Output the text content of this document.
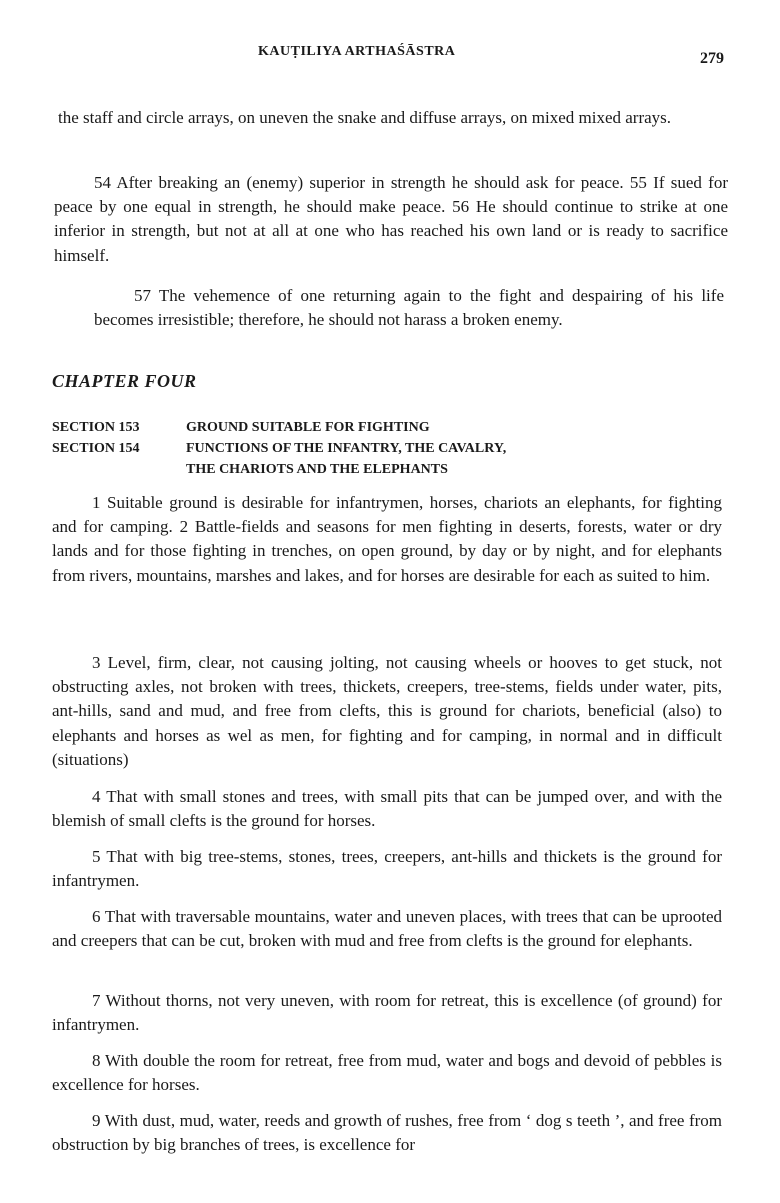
KAUṬILIYA ARTHAŚĀSTRA	279

the staff and circle arrays, on uneven the snake and diffuse arrays, on mixed mixed arrays.

54 After breaking an (enemy) superior in strength he should ask for peace. 55 If sued for peace by one equal in strength, he should make peace. 56 He should continue to strike at one inferior in strength, but not at all at one who has reached his own land or is ready to sacrifice himself.

57 The vehemence of one returning again to the fight and despairing of his life becomes irresistible; therefore, he should not harass a broken enemy.

CHAPTER FOUR
SECTION 153	GROUND SUITABLE FOR FIGHTING
SECTION 154	FUNCTIONS OF THE INFANTRY, THE CAVALRY,
THE CHARIOTS AND THE ELEPHANTS

1 Suitable ground is desirable for infantrymen, horses, chariots an elephants, for fighting and for camping. 2 Battle-fields and seasons for men fighting in deserts, forests, water or dry lands and for those fighting in trenches, on open ground, by day or by night, and for elephants from rivers, mountains, marshes and lakes, and for horses are desirable for each as suited to him.

3 Level, firm, clear, not causing jolting, not causing wheels or hooves to get stuck, not obstructing axles, not broken with trees, thickets, creepers, tree-stems, fields under water, pits, ant-hills, sand and mud, and free from clefts, this is ground for chariots, beneficial (also) to elephants and horses as wel as men, for fighting and for camping, in normal and in difficult (situations)

4 That with small stones and trees, with small pits that can be jumped over, and with the blemish of small clefts is the ground for horses.

5 That with big tree-stems, stones, trees, creepers, ant-hills and thickets is the ground for infantrymen.

6 That with traversable mountains, water and uneven places, with trees that can be uprooted and creepers that can be cut, broken with mud and free from clefts is the ground for elephants.

7 Without thorns, not very uneven, with room for retreat, this is excellence (of ground) for infantrymen.

8 With double the room for retreat, free from mud, water and bogs and devoid of pebbles is excellence for horses.

9 With dust, mud, water, reeds and growth of rushes, free from ‘ dog s teeth ’, and free from obstruction by big branches of trees, is excellence for
